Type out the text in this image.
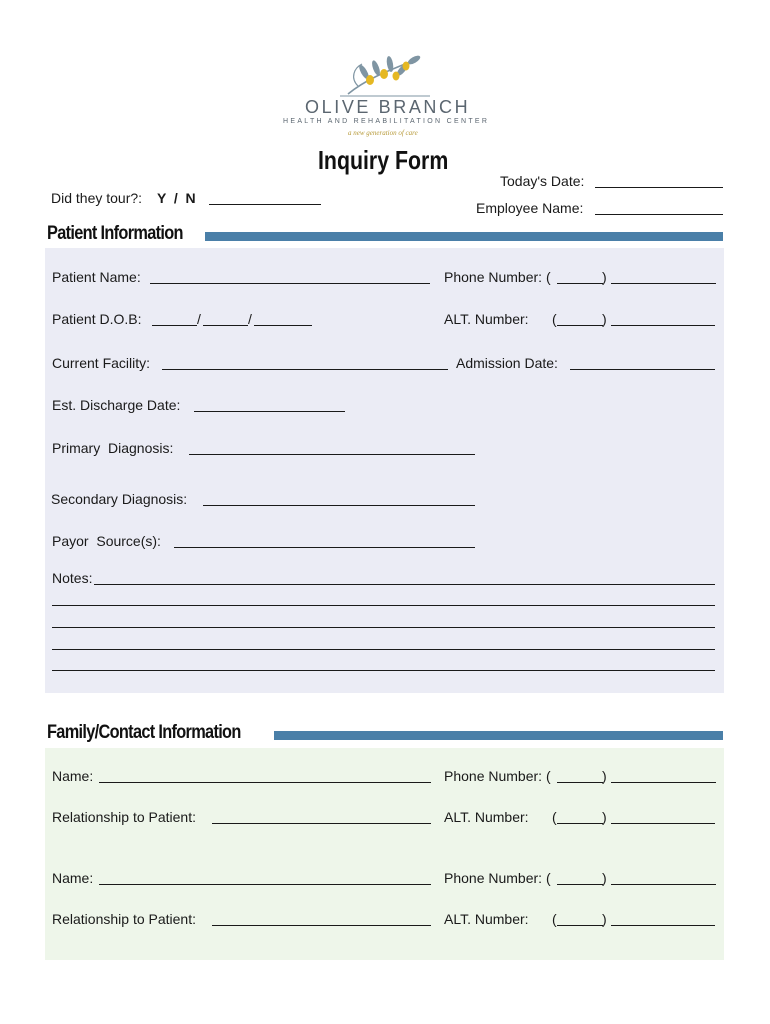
OLIVE BRANCH
HEALTH AND REHABILITATION CENTER
a new generation of care
Inquiry Form
Did they tour?: Y  /  N
Today's Date:
Employee Name:
Patient Information
Patient Name:	Phone Number: (	)
Patient D.O.B:	/	/	ALT. Number: (	)
Current Facility:	Admission Date:
Est. Discharge Date:
Primary  Diagnosis:
Secondary Diagnosis:
Payor  Source(s):
Notes:
Family/Contact Information
Name:	Phone Number: (	)
Relationship to Patient:	ALT. Number: (	)
Name:	Phone Number: (	)
Relationship to Patient:	ALT. Number: (	)
